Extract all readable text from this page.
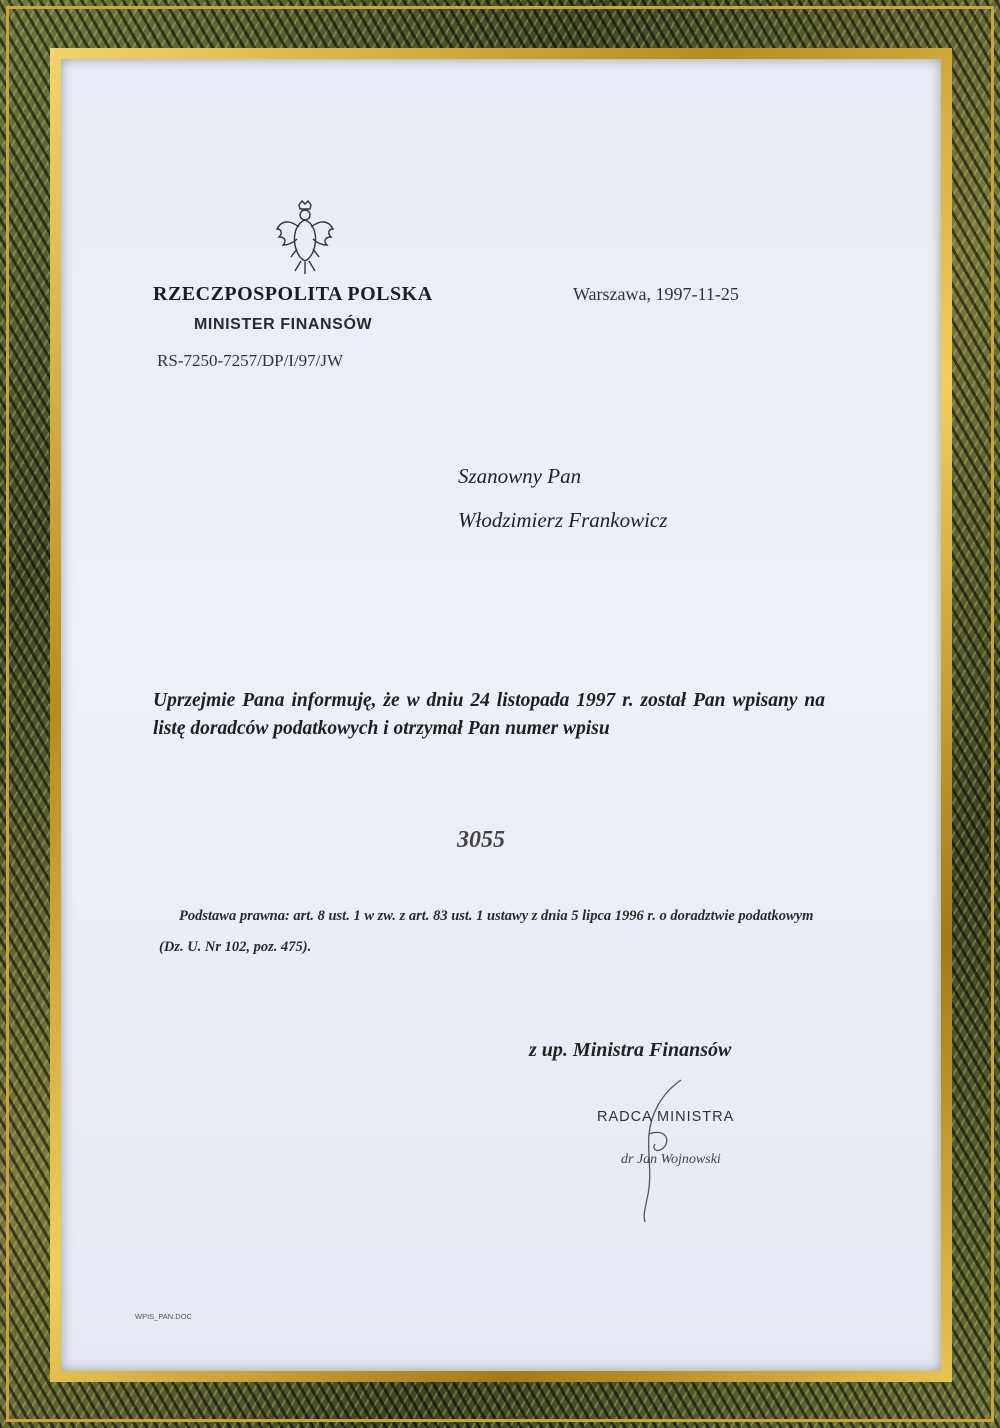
RZECZPOSPOLITA POLSKA
MINISTER FINANSÓW
RS-7250-7257/DP/I/97/JW
Warszawa, 1997-11-25
Szanowny Pan
Włodzimierz Frankowicz
Uprzejmie Pana informuję, że w dniu 24 listopada 1997 r. został Pan wpisany na listę doradców podatkowych i otrzymał Pan numer wpisu
3055
Podstawa prawna: art. 8 ust. 1 w zw. z art. 83 ust. 1 ustawy z dnia 5 lipca 1996 r. o doradztwie podatkowym (Dz. U. Nr 102, poz. 475).
z up. Ministra Finansów
RADCA MINISTRA
dr Jan Wojnowski
WPIS_PAN.DOC
